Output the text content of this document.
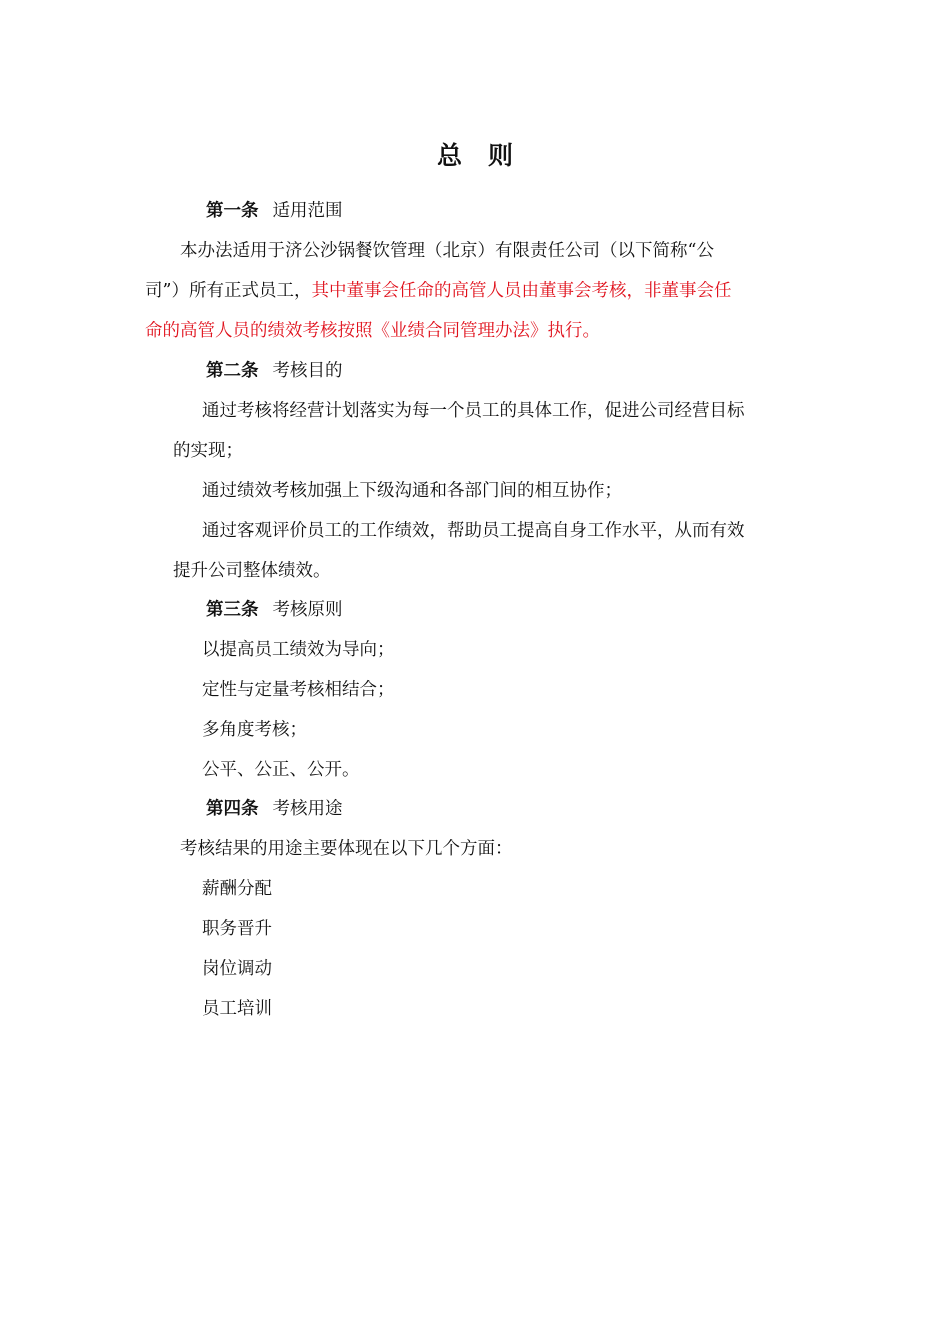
总 则
第一条 适用范围
本办法适用于济公沙锅餐饮管理（北京）有限责任公司（以下简称“公
司”）所有正式员工，其中董事会任命的高管人员由董事会考核，非董事会任
命的高管人员的绩效考核按照《业绩合同管理办法》执行。
第二条 考核目的
通过考核将经营计划落实为每一个员工的具体工作，促进公司经营目标
的实现；
通过绩效考核加强上下级沟通和各部门间的相互协作；
通过客观评价员工的工作绩效，帮助员工提高自身工作水平，从而有效
提升公司整体绩效。
第三条 考核原则
以提高员工绩效为导向；
定性与定量考核相结合；
多角度考核；
公平、公正、公开。
第四条 考核用途
考核结果的用途主要体现在以下几个方面：
薪酬分配
职务晋升
岗位调动
员工培训
